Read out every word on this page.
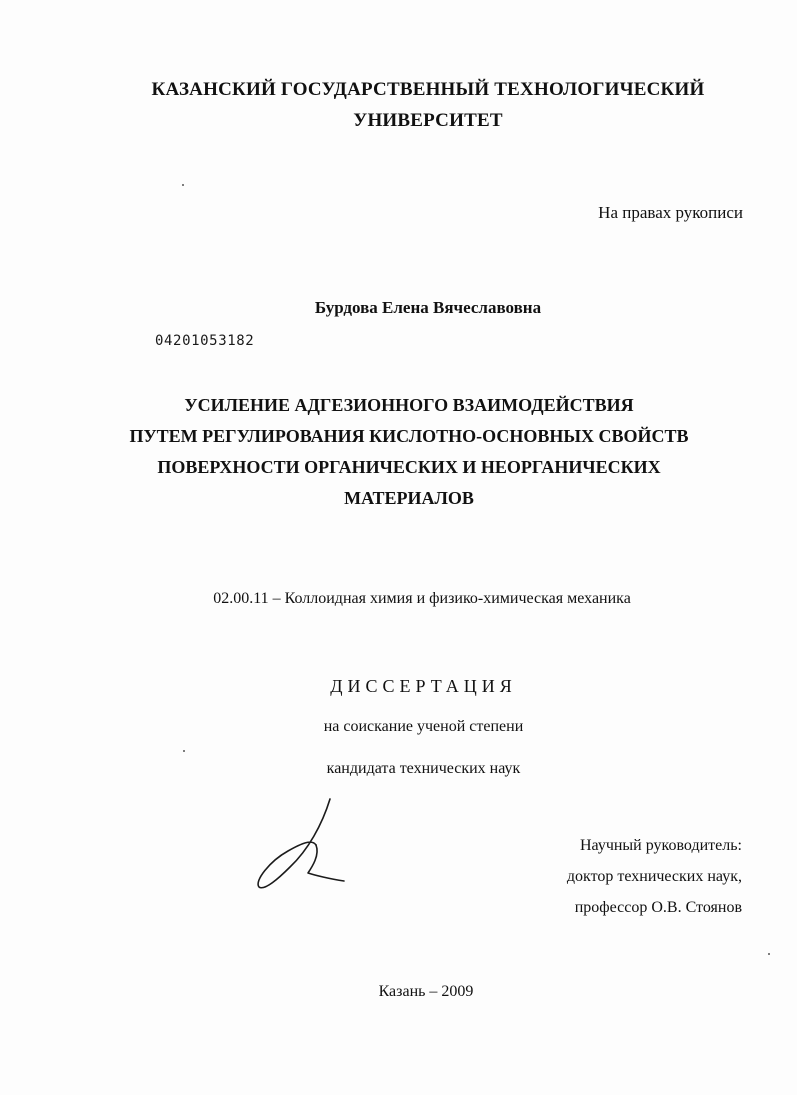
КАЗАНСКИЙ ГОСУДАРСТВЕННЫЙ ТЕХНОЛОГИЧЕСКИЙ
УНИВЕРСИТЕТ
На правах рукописи
Бурдова Елена Вячеславовна
04201053182
УСИЛЕНИЕ АДГЕЗИОННОГО ВЗАИМОДЕЙСТВИЯ
ПУТЕМ РЕГУЛИРОВАНИЯ КИСЛОТНО-ОСНОВНЫХ СВОЙСТВ
ПОВЕРХНОСТИ ОРГАНИЧЕСКИХ И НЕОРГАНИЧЕСКИХ
МАТЕРИАЛОВ
02.00.11 – Коллоидная химия и физико-химическая механика
ДИССЕРТАЦИЯ
на соискание ученой степени
кандидата технических наук
Научный руководитель:
доктор технических наук,
профессор О.В. Стоянов
Казань – 2009
